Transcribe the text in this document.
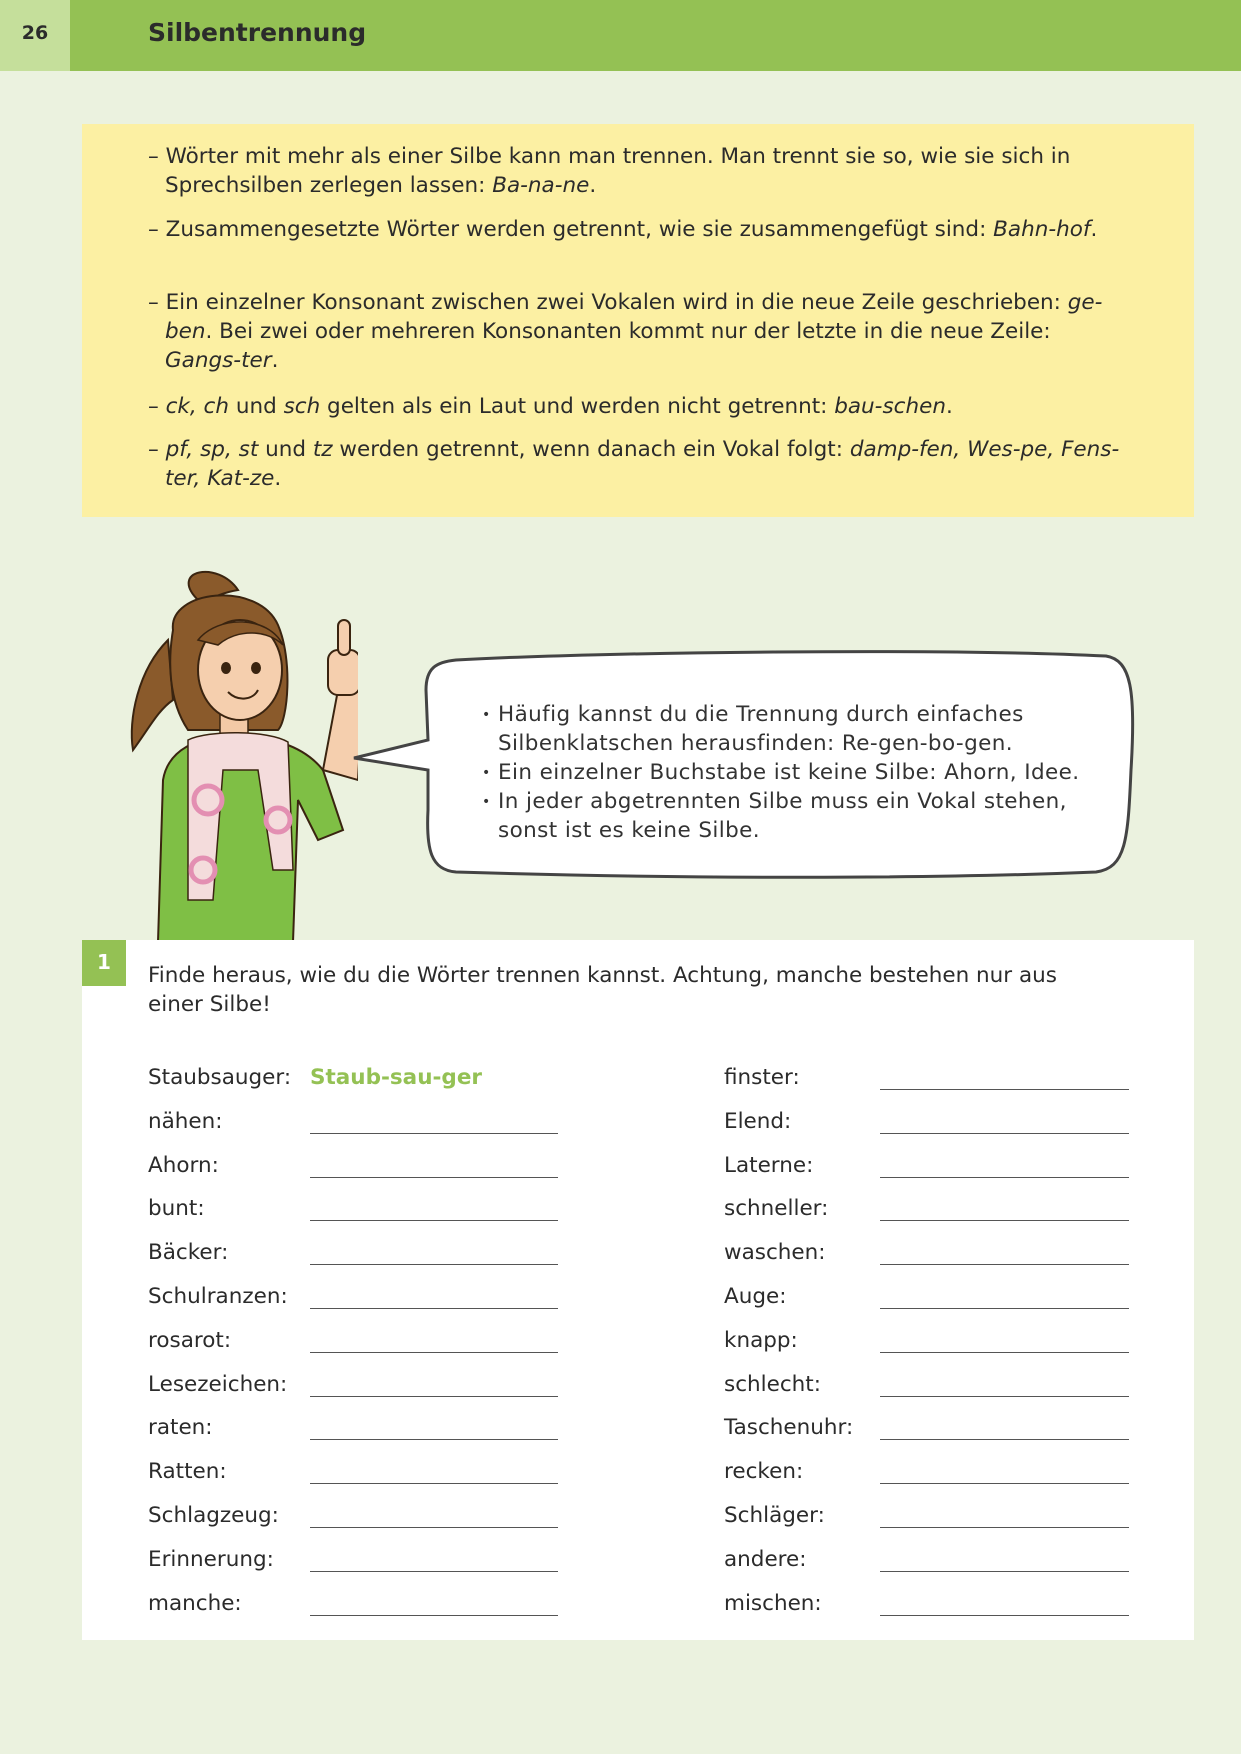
26	Silbentrennung
– Wörter mit mehr als einer Silbe kann man trennen. Man trennt sie so, wie sie sich in Sprechsilben zerlegen lassen: Ba-na-ne.
– Zusammengesetzte Wörter werden getrennt, wie sie zusammengefügt sind: Bahn-hof.
– Ein einzelner Konsonant zwischen zwei Vokalen wird in die neue Zeile geschrieben: ge-ben. Bei zwei oder mehreren Konsonanten kommt nur der letzte in die neue Zeile: Gangs-ter.
– ck, ch und sch gelten als ein Laut und werden nicht getrennt: bau-schen.
– pf, sp, st und tz werden getrennt, wenn danach ein Vokal folgt: damp-fen, Wes-pe, Fens-ter, Kat-ze.
• Häufig kannst du die Trennung durch einfaches
Silbenklatschen herausfinden: Re-gen-bo-gen.
• Ein einzelner Buchstabe ist keine Silbe: Ahorn, Idee.
• In jeder abgetrennten Silbe muss ein Vokal stehen,
sonst ist es keine Silbe.
1
Finde heraus, wie du die Wörter trennen kannst. Achtung, manche bestehen nur aus einer Silbe!
Staubsauger: Staub-sau-ger
nähen:
Ahorn:
bunt:
Bäcker:
Schulranzen:
rosarot:
Lesezeichen:
raten:
Ratten:
Schlagzeug:
Erinnerung:
manche:
finster:
Elend:
Laterne:
schneller:
waschen:
Auge:
knapp:
schlecht:
Taschenuhr:
recken:
Schläger:
andere:
mischen:
